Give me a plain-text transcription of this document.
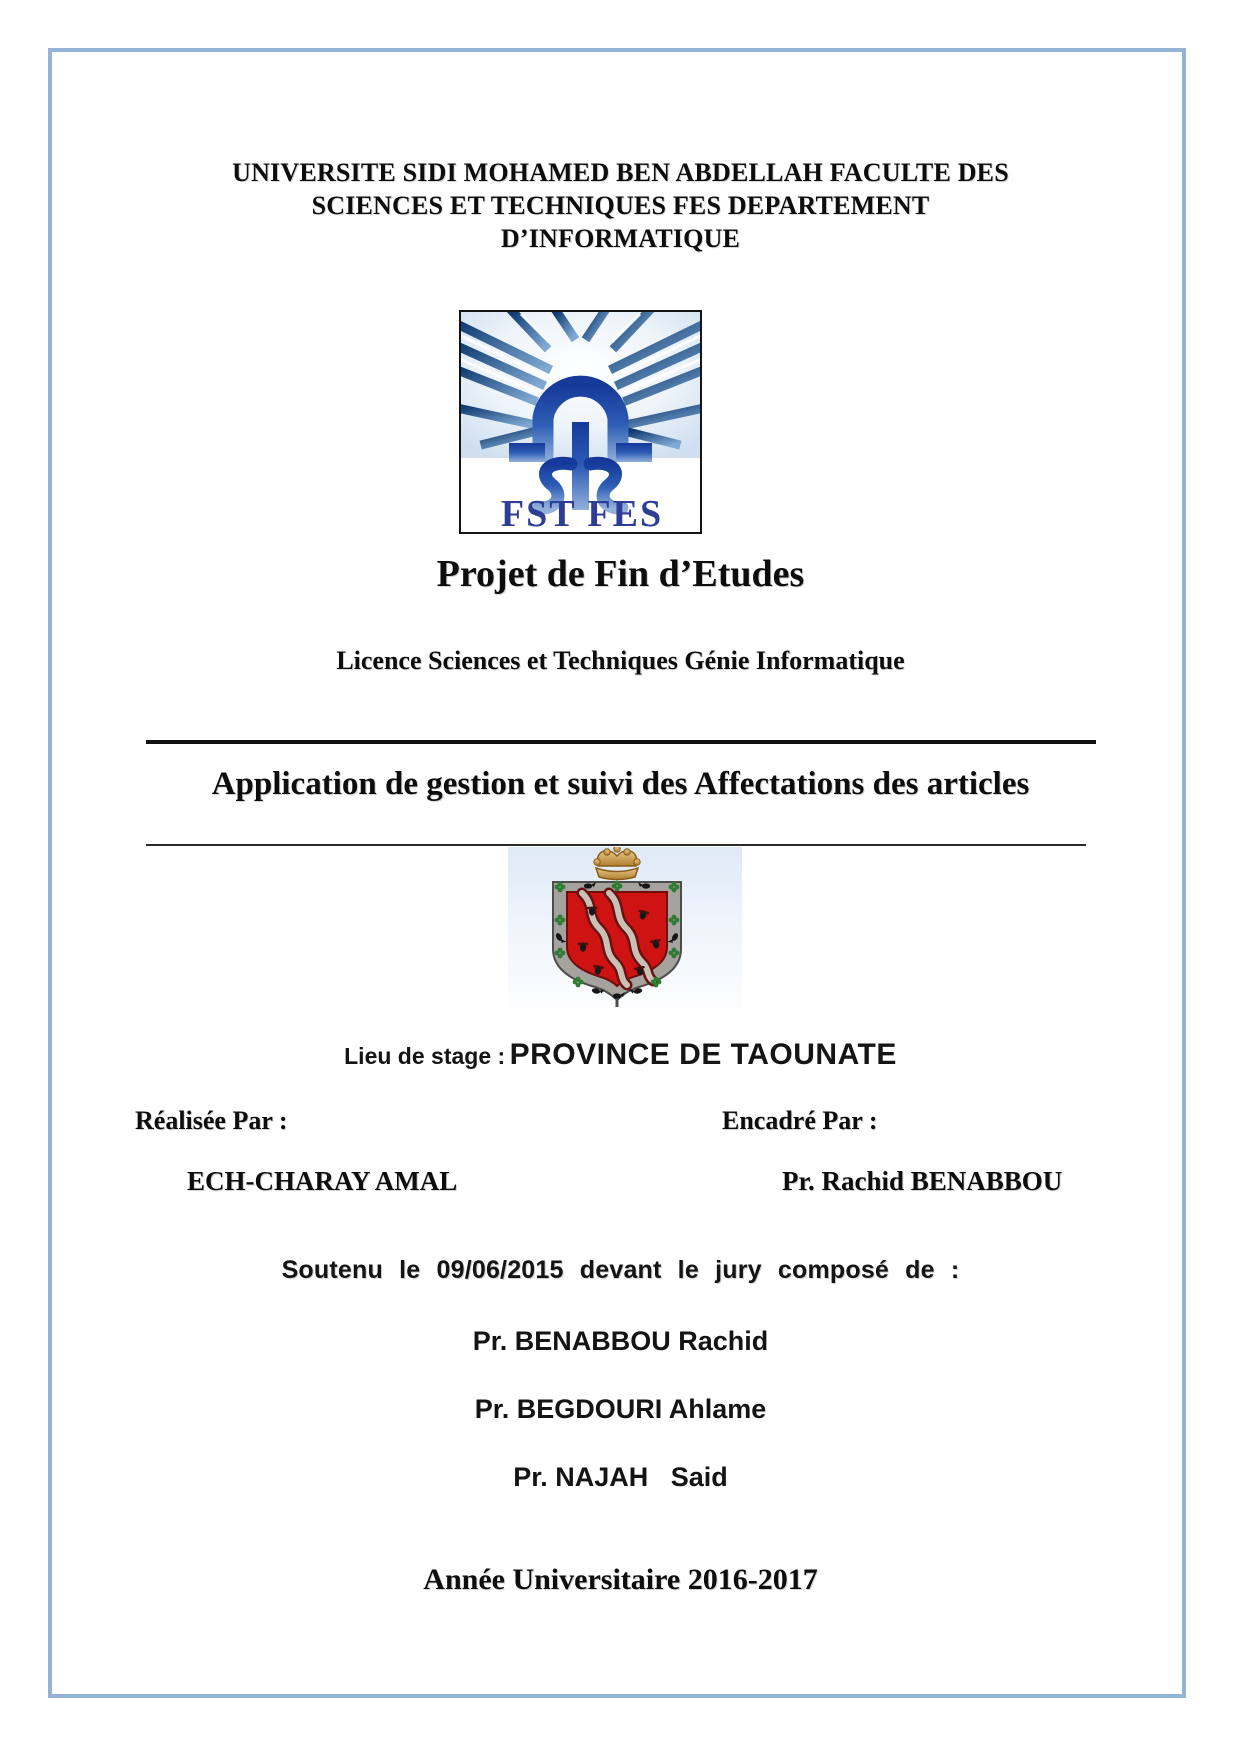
UNIVERSITE SIDI MOHAMED BEN ABDELLAH FACULTE DES
SCIENCES ET TECHNIQUES FES DEPARTEMENT
D’INFORMATIQUE
FST FES
Projet de Fin d’Etudes
Licence Sciences et Techniques Génie Informatique
Application de gestion et suivi des Affectations des articles
Lieu de stage : PROVINCE DE TAOUNATE
Réalisée Par :	Encadré Par :
ECH-CHARAY AMAL	Pr. Rachid BENABBOU
Soutenu le 09/06/2015 devant le jury composé de :
Pr. BENABBOU Rachid
Pr. BEGDOURI Ahlame
Pr. NAJAH   Said
Année Universitaire 2016-2017
